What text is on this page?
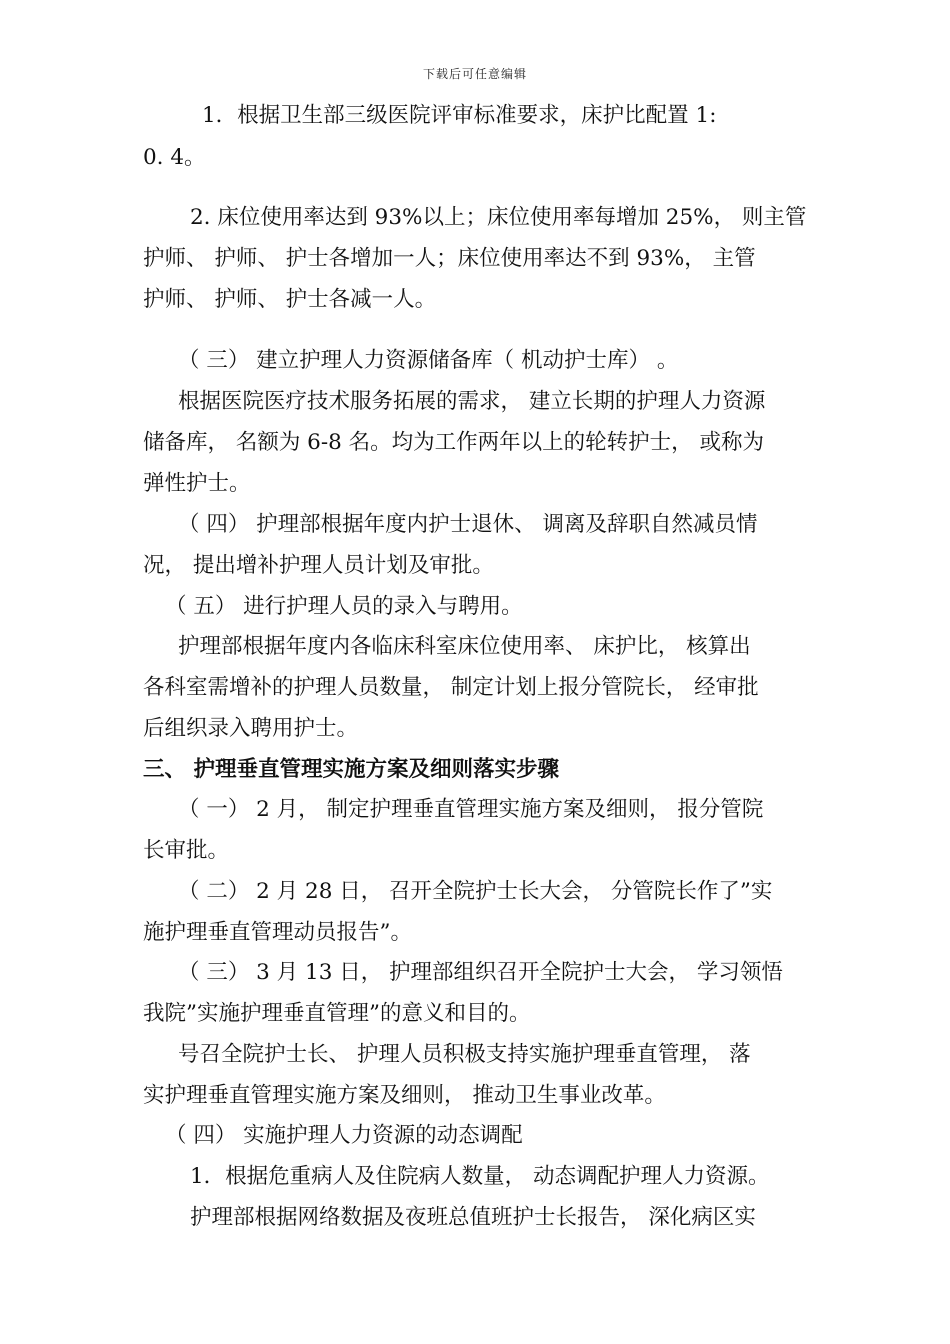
下载后可任意编辑
1．根据卫生部三级医院评审标准要求，床护比配置 1:
0. 4。
2. 床位使用率达到 93%以上；床位使用率每增加 25%， 则主管
护师、 护师、 护士各增加一人；床位使用率达不到 93%， 主管
护师、 护师、 护士各减一人。
（ 三） 建立护理人力资源储备库（ 机动护士库） 。
根据医院医疗技术服务拓展的需求， 建立长期的护理人力资源
储备库， 名额为 6-8 名。均为工作两年以上的轮转护士， 或称为
弹性护士。
（ 四） 护理部根据年度内护士退休、 调离及辞职自然减员情
况， 提出增补护理人员计划及审批。
（ 五） 进行护理人员的录入与聘用。
护理部根据年度内各临床科室床位使用率、 床护比， 核算出
各科室需增补的护理人员数量， 制定计划上报分管院长， 经审批
后组织录入聘用护士。
三、 护理垂直管理实施方案及细则落实步骤
（ 一） 2 月， 制定护理垂直管理实施方案及细则， 报分管院
长审批。
（ 二） 2 月 28 日， 召开全院护士长大会， 分管院长作了”实
施护理垂直管理动员报告”。
（ 三） 3 月 13 日， 护理部组织召开全院护士大会， 学习领悟
我院”实施护理垂直管理”的意义和目的。
号召全院护士长、 护理人员积极支持实施护理垂直管理， 落
实护理垂直管理实施方案及细则， 推动卫生事业改革。
（ 四） 实施护理人力资源的动态调配
1．根据危重病人及住院病人数量， 动态调配护理人力资源。
护理部根据网络数据及夜班总值班护士长报告， 深化病区实
